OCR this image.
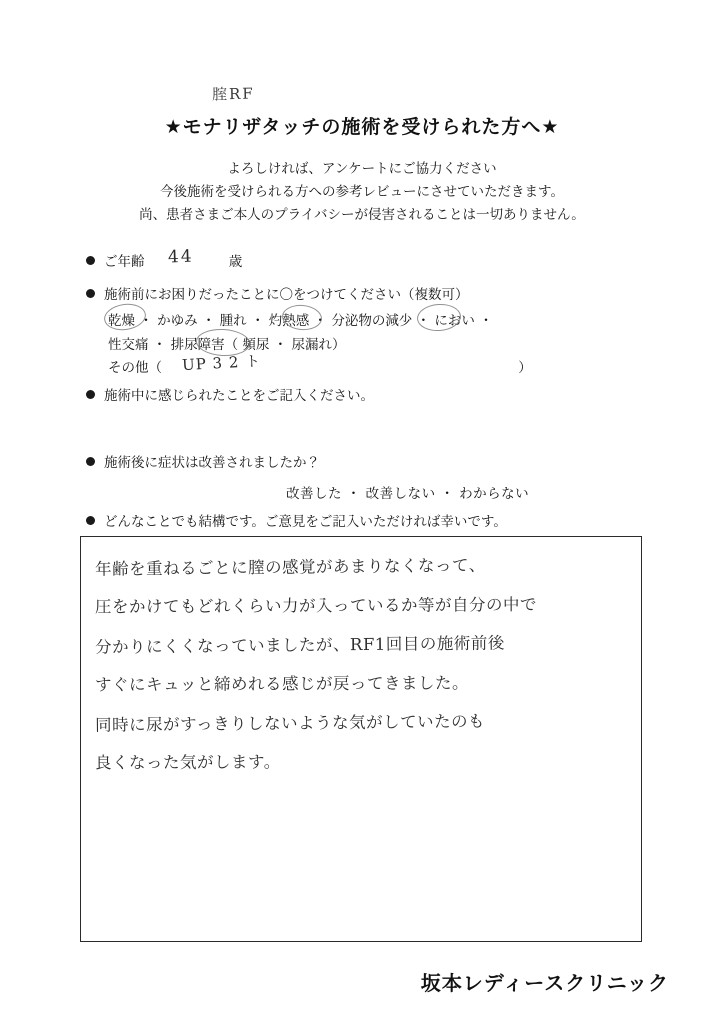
腟RF
★モナリザタッチの施術を受けられた方へ★
よろしければ、アンケートにご協力ください
今後施術を受けられる方への参考レビューにさせていただきます。
尚、患者さまご本人のプライバシーが侵害されることは一切ありません。
ご年齢	歳
44
施術前にお困りだったことに〇をつけてください（複数可）
乾燥 ・ かゆみ ・ 腫れ ・ 灼熱感 ・ 分泌物の減少 ・ におい ・
性交痛 ・ 排尿障害（ 頻尿 ・ 尿漏れ）
その他（	）
UP 3 2 ト
施術中に感じられたことをご記入ください。
施術後に症状は改善されましたか？
改善した ・ 改善しない ・ わからない
どんなことでも結構です。ご意見をご記入いただければ幸いです。
年齢を重ねるごとに膣の感覚があまりなくなって、
圧をかけてもどれくらい力が入っているか等が自分の中で
分かりにくくなっていましたが、RF1回目の施術前後
すぐにキュッと締めれる感じが戻ってきました。
同時に尿がすっきりしないような気がしていたのも
良くなった気がします。
坂本レディースクリニック
